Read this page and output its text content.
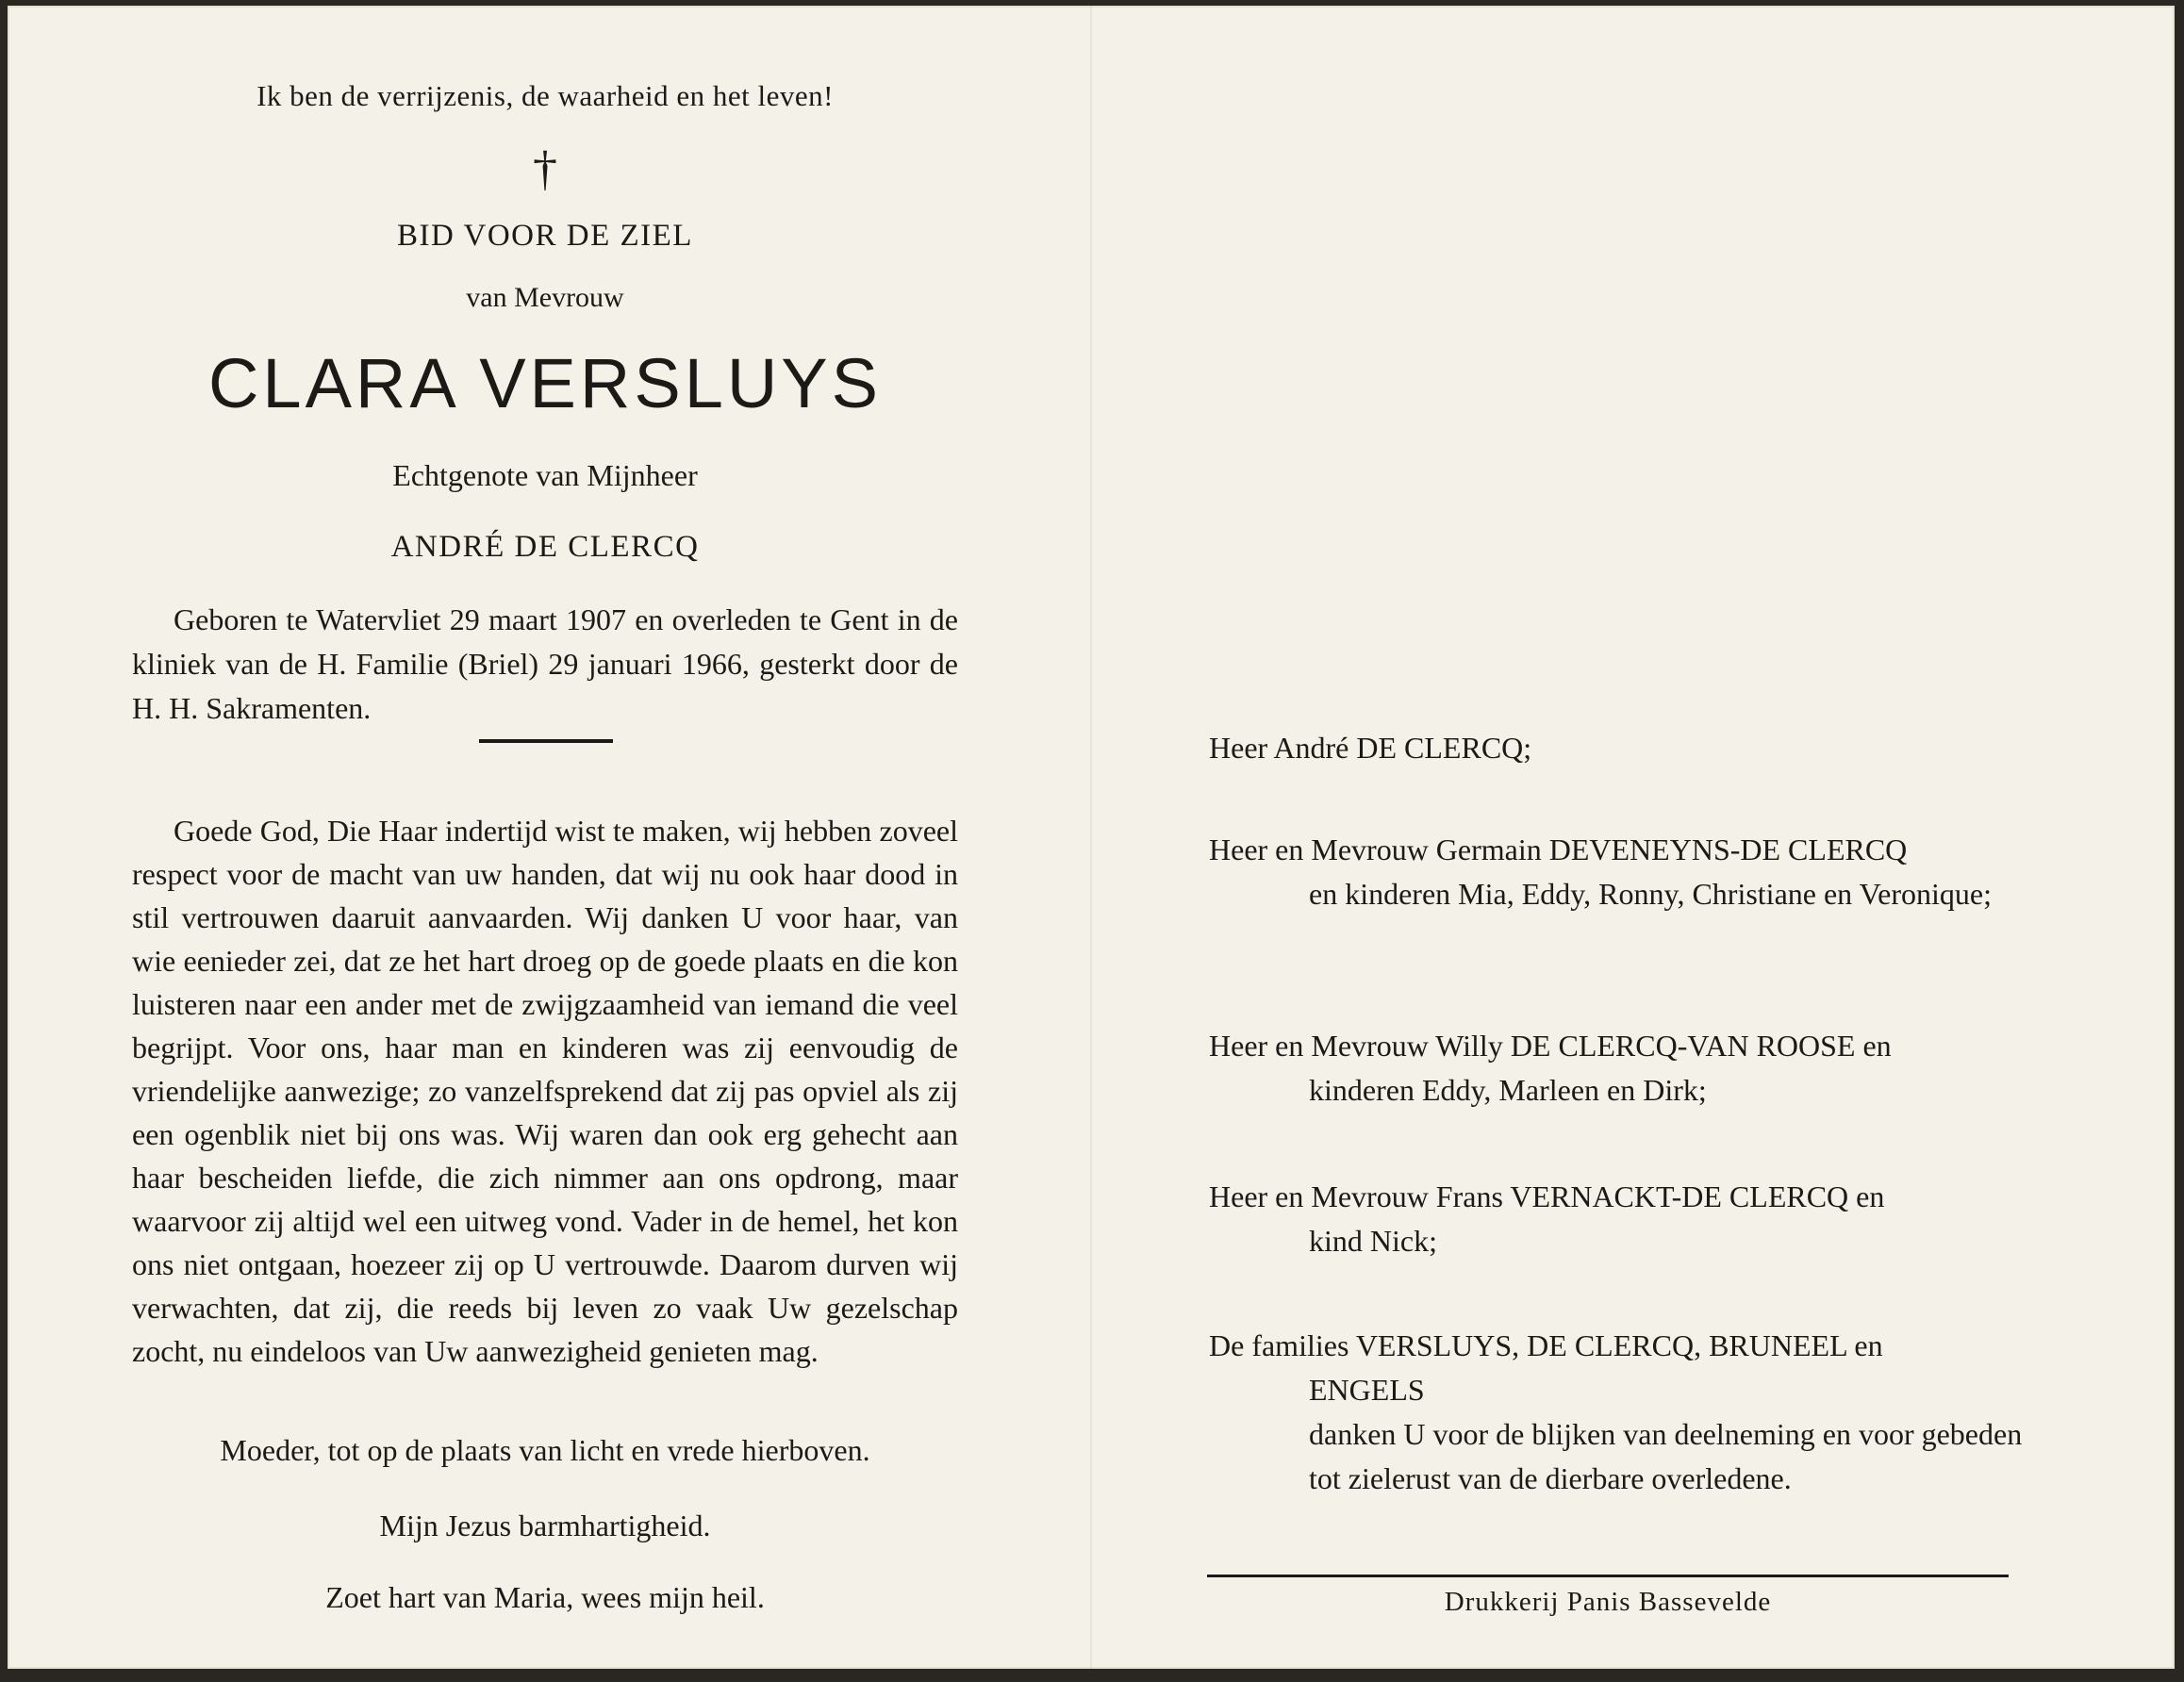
Ik ben de verrijzenis, de waarheid en het leven!
†
BID VOOR DE ZIEL
van Mevrouw
CLARA VERSLUYS
Echtgenote van Mijnheer
ANDRÉ DE CLERCQ
Geboren te Watervliet 29 maart 1907 en overleden te Gent in de kliniek van de H. Familie (Briel) 29 januari 1966, gesterkt door de H. H. Sakramenten.
Goede God, Die Haar indertijd wist te maken, wij hebben zoveel respect voor de macht van uw handen, dat wij nu ook haar dood in stil vertrouwen daaruit aanvaarden. Wij danken U voor haar, van wie eenieder zei, dat ze het hart droeg op de goede plaats en die kon luisteren naar een ander met de zwijgzaamheid van iemand die veel begrijpt. Voor ons, haar man en kinderen was zij eenvoudig de vriendelijke aanwezige; zo vanzelfsprekend dat zij pas opviel als zij een ogenblik niet bij ons was. Wij waren dan ook erg gehecht aan haar bescheiden liefde, die zich nimmer aan ons opdrong, maar waarvoor zij altijd wel een uitweg vond. Vader in de hemel, het kon ons niet ontgaan, hoezeer zij op U vertrouwde. Daarom durven wij verwachten, dat zij, die reeds bij leven zo vaak Uw gezelschap zocht, nu eindeloos van Uw aanwezigheid genieten mag.
Moeder, tot op de plaats van licht en vrede hierboven.
Mijn Jezus barmhartigheid.
Zoet hart van Maria, wees mijn heil.
Heer André DE CLERCQ;
Heer en Mevrouw Germain DEVENEYNS-DE CLERCQ
en kinderen Mia, Eddy, Ronny, Christiane en Veronique;
Heer en Mevrouw Willy DE CLERCQ-VAN ROOSE en
kinderen Eddy, Marleen en Dirk;
Heer en Mevrouw Frans VERNACKT-DE CLERCQ en
kind Nick;
De families VERSLUYS, DE CLERCQ, BRUNEEL en
ENGELS
danken U voor de blijken van deelneming en voor gebeden tot zielerust van de dierbare overledene.
Drukkerij Panis Bassevelde
